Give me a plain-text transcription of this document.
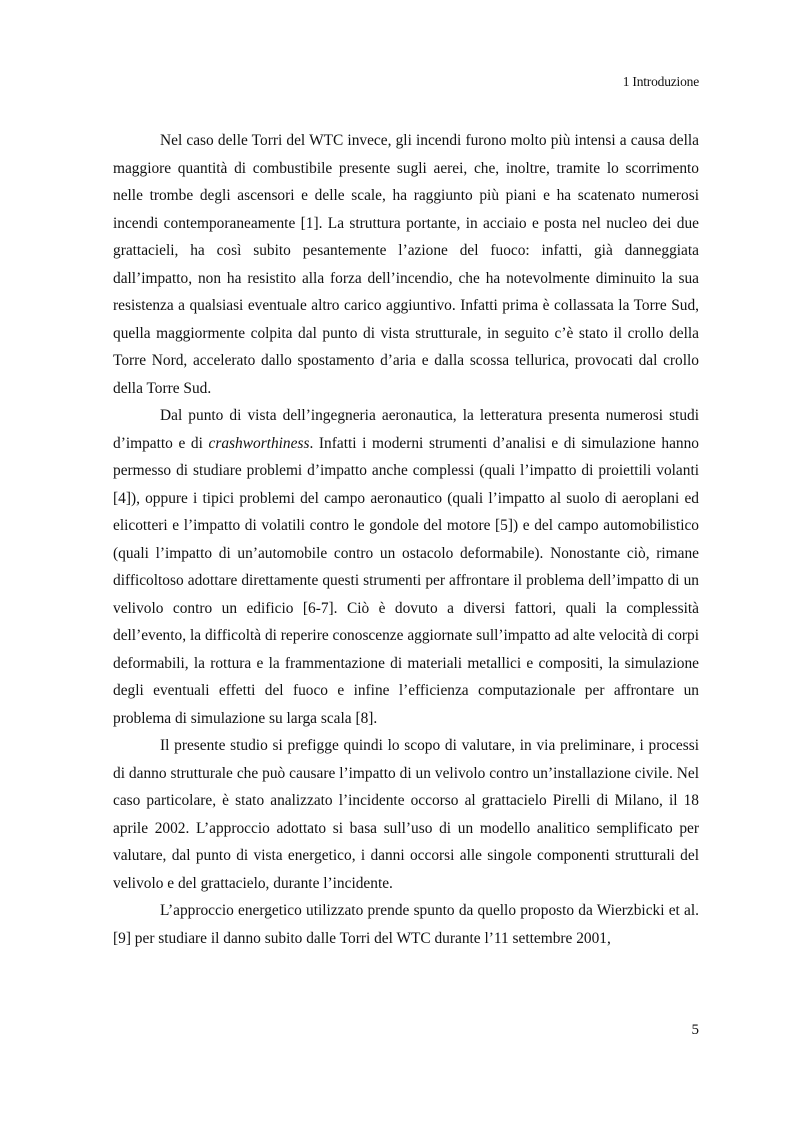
1 Introduzione

Nel caso delle Torri del WTC invece, gli incendi furono molto più intensi a causa della maggiore quantità di combustibile presente sugli aerei, che, inoltre, tramite lo scorrimento nelle trombe degli ascensori e delle scale, ha raggiunto più piani e ha scatenato numerosi incendi contemporaneamente [1]. La struttura portante, in acciaio e posta nel nucleo dei due grattacieli, ha così subito pesantemente l’azione del fuoco: infatti, già danneggiata dall’impatto, non ha resistito alla forza dell’incendio, che ha notevolmente diminuito la sua resistenza a qualsiasi eventuale altro carico aggiuntivo. Infatti prima è collassata la Torre Sud, quella maggiormente colpita dal punto di vista strutturale, in seguito c’è stato il crollo della Torre Nord, accelerato dallo spostamento d’aria e dalla scossa tellurica, provocati dal crollo della Torre Sud.

Dal punto di vista dell’ingegneria aeronautica, la letteratura presenta numerosi studi d’impatto e di crashworthiness. Infatti i moderni strumenti d’analisi e di simulazione hanno permesso di studiare problemi d’impatto anche complessi (quali l’impatto di proiettili volanti [4]), oppure i tipici problemi del campo aeronautico (quali l’impatto al suolo di aeroplani ed elicotteri e l’impatto di volatili contro le gondole del motore [5]) e del campo automobilistico (quali l’impatto di un’automobile contro un ostacolo deformabile). Nonostante ciò, rimane difficoltoso adottare direttamente questi strumenti per affrontare il problema dell’impatto di un velivolo contro un edificio [6-7]. Ciò è dovuto a diversi fattori, quali la complessità dell’evento, la difficoltà di reperire conoscenze aggiornate sull’impatto ad alte velocità di corpi deformabili, la rottura e la frammentazione di materiali metallici e compositi, la simulazione degli eventuali effetti del fuoco e infine l’efficienza computazionale per affrontare un problema di simulazione su larga scala [8].

Il presente studio si prefigge quindi lo scopo di valutare, in via preliminare, i processi di danno strutturale che può causare l’impatto di un velivolo contro un’installazione civile. Nel caso particolare, è stato analizzato l’incidente occorso al grattacielo Pirelli di Milano, il 18 aprile 2002. L’approccio adottato si basa sull’uso di un modello analitico semplificato per valutare, dal punto di vista energetico, i danni occorsi alle singole componenti strutturali del velivolo e del grattacielo, durante l’incidente.

L’approccio energetico utilizzato prende spunto da quello proposto da Wierzbicki et al. [9] per studiare il danno subito dalle Torri del WTC durante l’11 settembre 2001,

5
